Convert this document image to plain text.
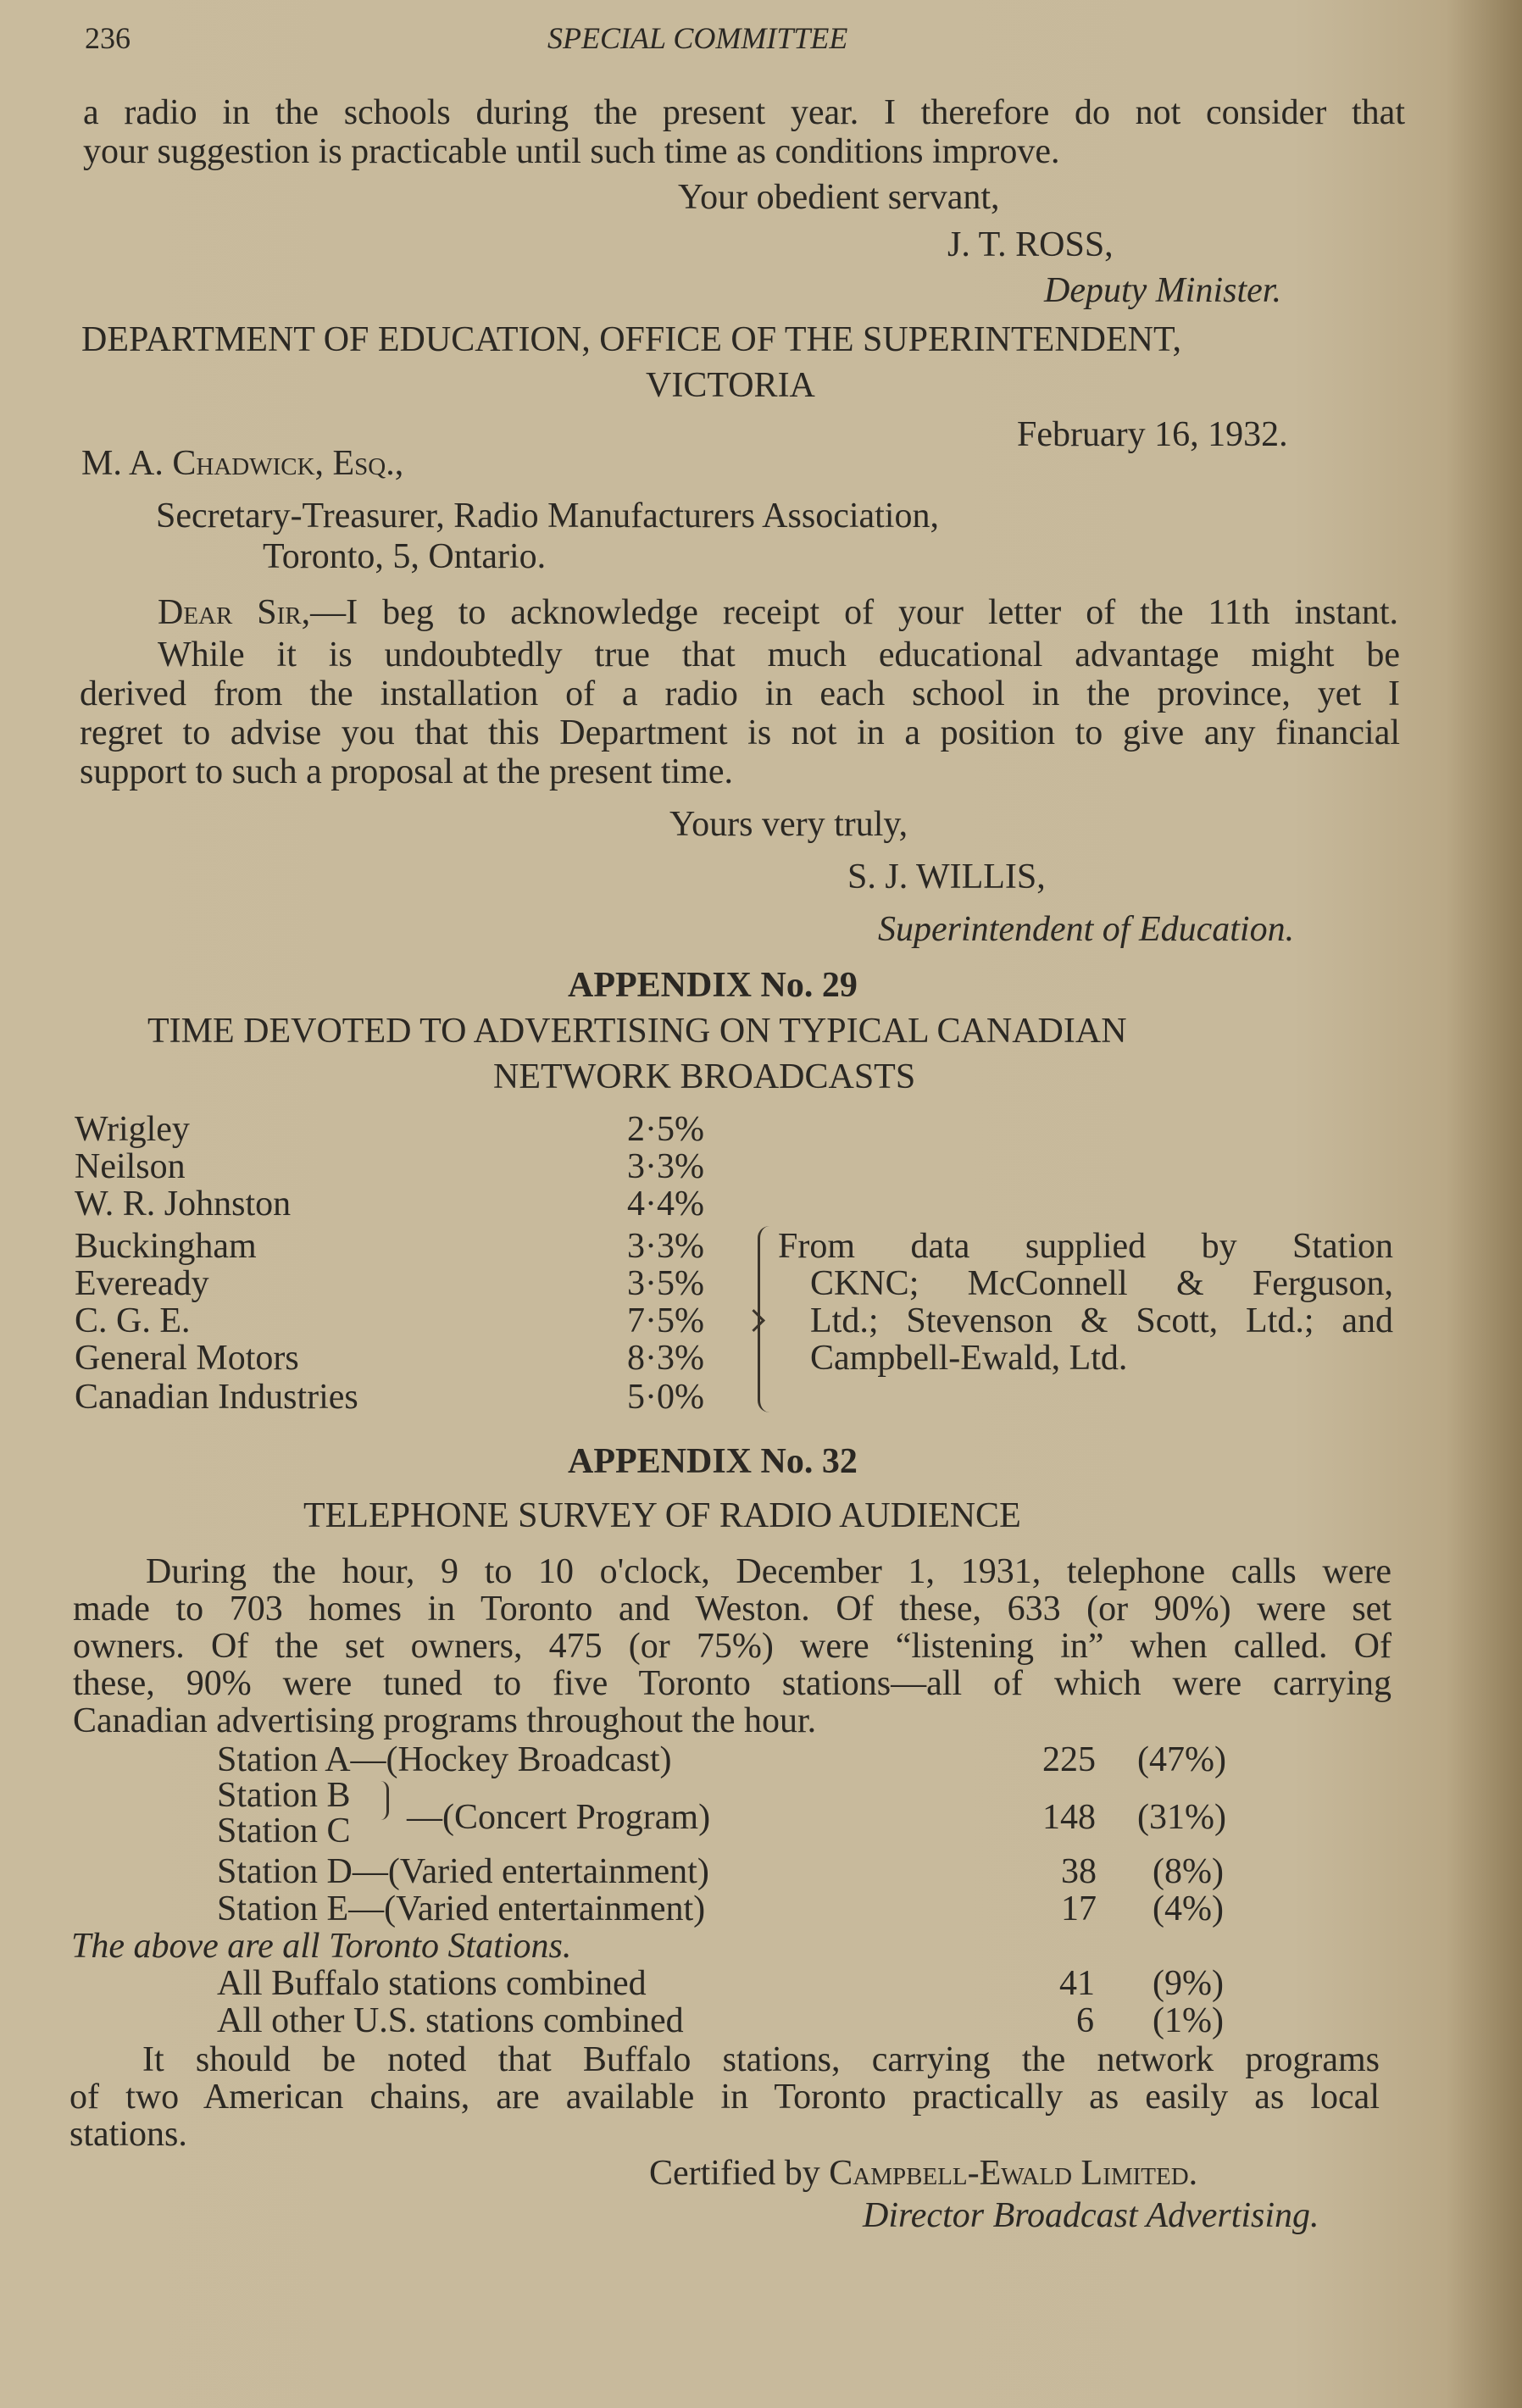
236	SPECIAL COMMITTEE
a radio in the schools during the present year. I therefore do not consider that
your suggestion is practicable until such time as conditions improve.
Your obedient servant,
J. T. ROSS,
Deputy Minister.
DEPARTMENT OF EDUCATION, OFFICE OF THE SUPERINTENDENT,
VICTORIA
February 16, 1932.
M. A. Chadwick, Esq.,
Secretary-Treasurer, Radio Manufacturers Association,
Toronto, 5, Ontario.
Dear Sir,—I beg to acknowledge receipt of your letter of the 11th instant.
While it is undoubtedly true that much educational advantage might be
derived from the installation of a radio in each school in the province, yet I
regret to advise you that this Department is not in a position to give any financial
support to such a proposal at the present time.
Yours very truly,
S. J. WILLIS,
Superintendent of Education.
APPENDIX No. 29
TIME DEVOTED TO ADVERTISING ON TYPICAL CANADIAN
NETWORK BROADCASTS
Wrigley	2·5%
Neilson	3·3%
W. R. Johnston	4·4%
Buckingham	3·3%
Eveready	3·5%
C. G. E.	7·5%
General Motors	8·3%
Canadian Industries	5·0%
From data supplied by Station
CKNC; McConnell & Ferguson,
Ltd.; Stevenson & Scott, Ltd.; and
Campbell-Ewald, Ltd.
APPENDIX No. 32
TELEPHONE SURVEY OF RADIO AUDIENCE
During the hour, 9 to 10 o'clock, December 1, 1931, telephone calls were
made to 703 homes in Toronto and Weston. Of these, 633 (or 90%) were set
owners. Of the set owners, 475 (or 75%) were “listening in” when called. Of
these, 90% were tuned to five Toronto stations—all of which were carrying
Canadian advertising programs throughout the hour.
Station A—(Hockey Broadcast)	225 (47%)
Station B
Station C —(Concert Program)	148 (31%)
Station D—(Varied entertainment)	38 (8%)
Station E—(Varied entertainment)	17 (4%)
The above are all Toronto Stations.
All Buffalo stations combined	41 (9%)
All other U.S. stations combined	6 (1%)
It should be noted that Buffalo stations, carrying the network programs
of two American chains, are available in Toronto practically as easily as local
stations.
Certified by Campbell-Ewald Limited.
Director Broadcast Advertising.
